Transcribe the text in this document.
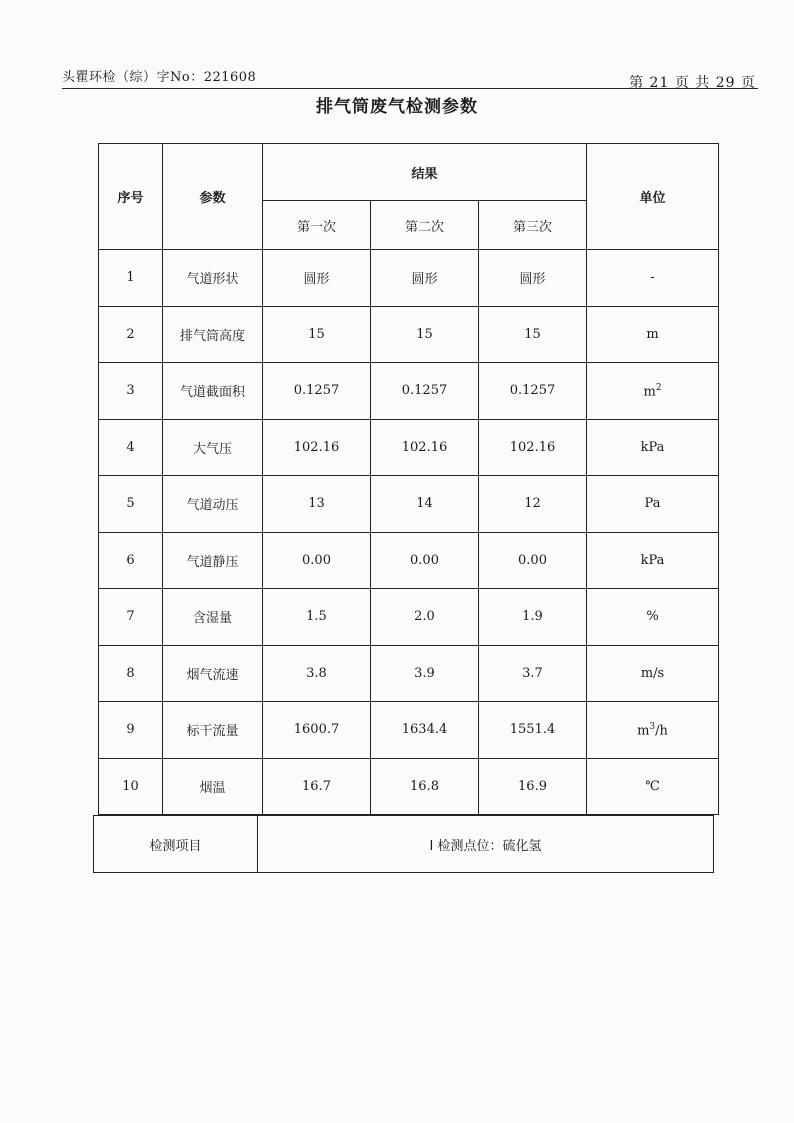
头瞿环检（综）字No：221608	第 21 页 共 29 页
排气筒废气检测参数
序号	参数	结果			单位
		第一次	第二次	第三次	
1	气道形状	圆形	圆形	圆形	-
2	排气筒高度	15	15	15	m
3	气道截面积	0.1257	0.1257	0.1257	$m^2$
4	大气压	102.16	102.16	102.16	kPa
5	气道动压	13	14	12	Pa
6	气道静压	0.00	0.00	0.00	kPa
7	含湿量	1.5	2.0	1.9	%
8	烟气流速	3.8	3.9	3.7	m/s
9	标干流量	1600.7	1634.4	1551.4	$m^3/h$
10	烟温	16.7	16.8	16.9	℃
检测项目	I 检测点位：硫化氢
